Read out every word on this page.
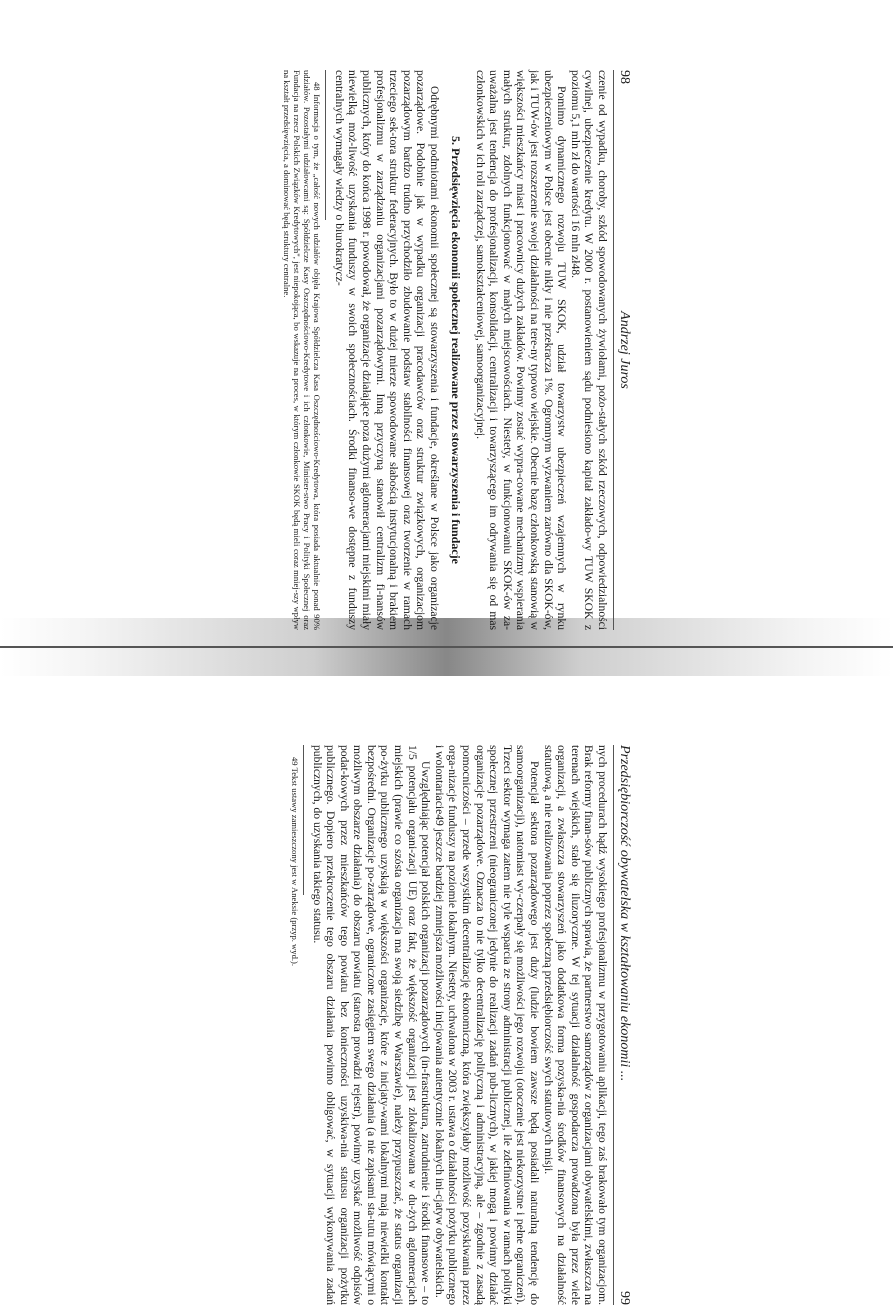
98
Andrzej Juros

czenie od wypadku, choroby, szkód spowodowanych żywiołami, pożo-stałych szkód rzeczowych, odpowiedzialności cywilnej, ubezpieczenie kredytu. W 2000 r. postanowieniem sądu podniesiono kapitał zakłado-wy TUW SKOK z poziomu 5,1 mln zł do wartości 16 mln zł48.

Pomimo dynamicznego rozwoju TUW SKOK, udział towarzystw ubezpieczeń wzajemnych w rynku ubezpieczeniowym w Polsce jest obecnie nikły i nie przekracza 1%. Ogromnym wyzwaniem zarówno dla SKOK-ów, jak i TUW-ów jest rozszerzenie swojej działalności na tere-ny typowo wiejskie. Obecnie bazę członkowską stanowią w większości mieszkańcy miast i pracownicy dużych zakładów. Powinny zostać wypra-cowane mechanizmy wspierania małych struktur, zdolnych funkcjonować w małych miejscowościach. Niestety, w funkcjonowaniu SKOK-ów za-uważalna jest tendencja do profesjonalizacji, konsolidacji, centralizacji i towarzyszącego im odrywania się od mas członkowskich w ich roli zarządczej, samokształceniowej, samoorganizacyjnej.

5. Przedsięwzięcia ekonomii społecznej realizowane przez stowarzyszenia i fundacje

Odrębnymi podmiotami ekonomii społecznej są stowarzyszenia i fundacje, określane w Polsce jako organizacje pozarządowe. Podobnie jak w wypadku organizacji pracodawców oraz struktur związkowych, organizacjom pozarządowym bardzo trudno przychodziło zbudowanie podstaw stabilności finansowej oraz tworzenie w ramach trzeciego sek-tora struktur federacyjnych. Było to w dużej mierze spowodowane słabością instytucjonalną i brakiem profesjonalizmu w zarządzaniu organizacjami pozarządowymi. Inną przyczyną stanowił centralizm fi-nansów publicznych, który do końca 1998 r. powodował, że organizacje działające poza dużymi aglomeracjami miejskimi miały niewielką moż-liwość uzyskania funduszy w swoich społecznościach. Środki finanso-we dostępne z funduszy centralnych wymagały wiedzy o biurokratycz-

48 Informacja o tym, że „całość nowych udziałów objęła Krajowa Spółdzielcza Kasa Oszczędnościowo-Kredytowa, która posiada aktualnie ponad 90% udziałów. Pozostałymi udziałowcami są: Spółdzielcze Kasy Oszczędnościowo-Kredytowe i ich członkowie, Minister-stwo Pracy i Polityki Społecznej oraz Fundacja na rzecz Polskich Związków Kredytowych", jest niepokojąca, bo wskazuje na proces, w którym członkowie SKOK będą mieli coraz mniej-szy wpływ na kształt przedsięwzięcia, a dominować będą struktury centralne.

Przedsiębiorczość obywatelska w kształtowaniu ekonomii ...
99

nych procedurach bądź wysokiego profesjonalizmu w przygotowaniu aplikacji, tego zaś brakowało tym organizacjom. Brak reformy finan-sów publicznych sprawia, że partnerstwo samorządów z organizacjami obywatelskimi, zwłaszcza na terenach wiejskich, stało się iluzoryczne. W tej sytuacji działalność gospodarcza prowadzona była przez wiele organizacji, a zwłaszcza stowarzyszeń jako dodatkowa forma pozyska-nia środków finansowych na działalność statutową, a nie realizowania poprzez społeczną przedsiębiorczość swych statutowych misji.

Potencjał sektora pozarządowego jest duży (ludzie bowiem zawsze będą posiadali naturalną tendencję do samoorganizacji), natomiast wy-czerpały się możliwości jego rozwoju (otoczenie jest niekorzystne i pełne ograniczeń). Trzeci sektor wymaga zatem nie tyle wsparcia ze strony administracji publicznej, ile zdefiniowania w ramach polityki społecznej przestrzeni (nieograniczonej jedynie do realizacji zadań pub-licznych), w jakiej mogą i powinny działać organizacje pozarządowe. Oznacza to nie tylko decentralizację polityczną i administracyjną, ale – zgodnie z zasadą pomocniczości – przede wszystkim decentralizację ekonomiczną, która zwiększyłaby możliwość pozyskiwania przez orga-nizacje funduszy na poziomie lokalnym. Niestety, uchwalona w 2003 r. ustawa o działalności pożytku publicznego i wolontariacie49 jeszcze bardziej zmniejsza możliwości inicjowania autentycznie lokalnych ini-cjatyw obywatelskich.

Uwzględniając potencjał polskich organizacji pozarządowych (in-frastruktura, zatrudnienie i środki finansowe – to 1/5 potencjału organi-zacji UE) oraz fakt, że większość organizacji jest zlokalizowana w du-żych aglomeracjach miejskich (prawie co szósta organizacja ma swoją siedzibę w Warszawie), należy przypuszczać, że status organizacji po-żytku publicznego uzyskają w większości organizacje, które z inicjaty-wami lokalnymi mają niewielki kontakt bezpośredni. Organizacje po-zarządowe, ograniczone zasięgiem swego działania (a nie zapisami sta-tutu mówiącymi o możliwym obszarze działania) do obszaru powiatu (starosta prowadzi rejestr), powinny uzyskać możliwość odpisów podat-kowych przez mieszkańców tego powiatu bez konieczności uzyskiwa-nia statusu organizacji pożytku publicznego. Dopiero przekroczenie tego obszaru działania powinno obligować, w sytuacji wykonywania zadań publicznych, do uzyskania takiego statusu.

49 Tekst ustawy zamieszczony jest w Aneksie (przyp. wyd.).
